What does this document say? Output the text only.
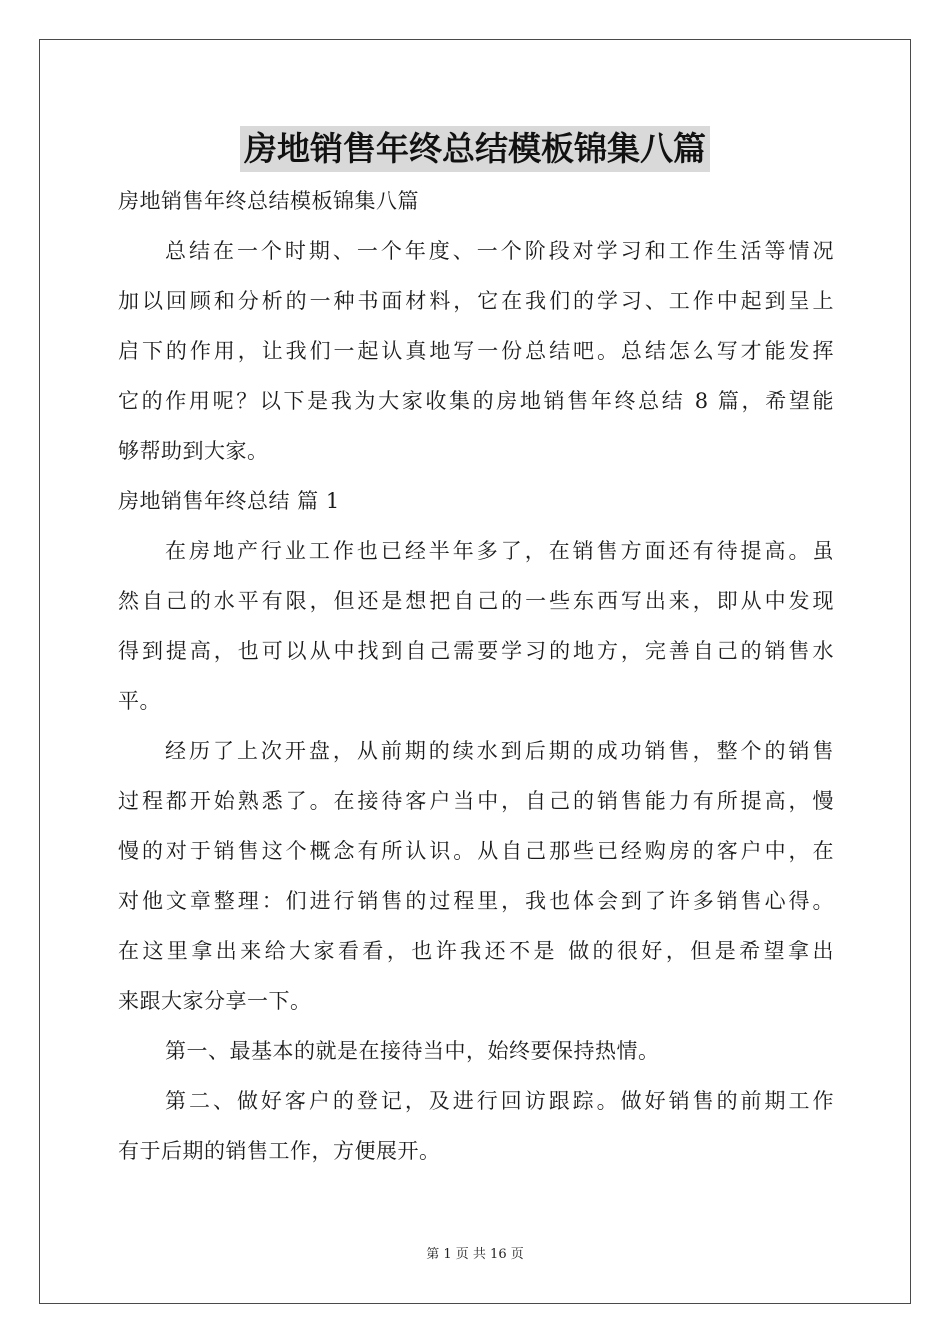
房地销售年终总结模板锦集八篇
房地销售年终总结模板锦集八篇
总结在一个时期、一个年度、一个阶段对学习和工作生活等情况
加以回顾和分析的一种书面材料，它在我们的学习、工作中起到呈上
启下的作用，让我们一起认真地写一份总结吧。总结怎么写才能发挥
它的作用呢？以下是我为大家收集的房地销售年终总结 8 篇，希望能
够帮助到大家。
房地销售年终总结 篇 1
在房地产行业工作也已经半年多了，在销售方面还有待提高。虽
然自己的水平有限，但还是想把自己的一些东西写出来，即从中发现
得到提高，也可以从中找到自己需要学习的地方，完善自己的销售水
平。
经历了上次开盘，从前期的续水到后期的成功销售，整个的销售
过程都开始熟悉了。在接待客户当中，自己的销售能力有所提高，慢
慢的对于销售这个概念有所认识。从自己那些已经购房的客户中，在
对他文章整理：们进行销售的过程里，我也体会到了许多销售心得。
在这里拿出来给大家看看，也许我还不是 做的很好，但是希望拿出
来跟大家分享一下。
第一、最基本的就是在接待当中，始终要保持热情。
第二、做好客户的登记，及进行回访跟踪。做好销售的前期工作
有于后期的销售工作，方便展开。
第 1 页 共 16 页
